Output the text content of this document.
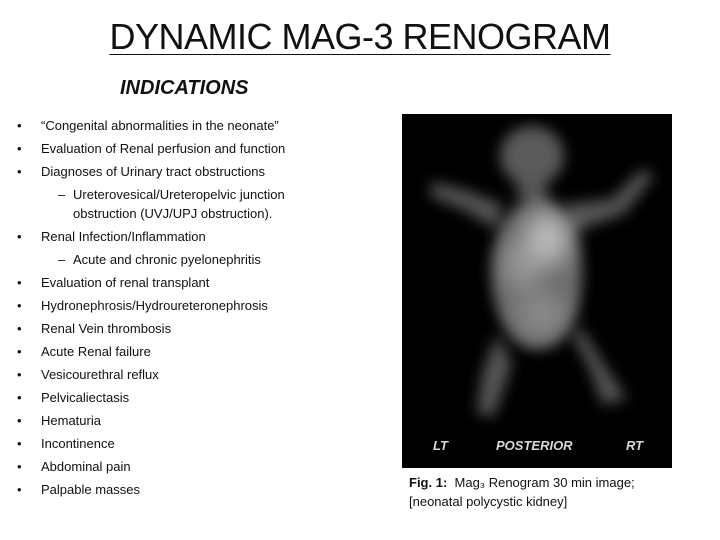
DYNAMIC MAG-3 RENOGRAM
INDICATIONS
• “Congenital abnormalities in the neonate”
• Evaluation of Renal perfusion and function
• Diagnoses of Urinary tract obstructions
– Ureterovesical/Ureteropelvic junction obstruction (UVJ/UPJ obstruction).
• Renal Infection/Inflammation
– Acute and chronic pyelonephritis
• Evaluation of renal transplant
• Hydronephrosis/Hydroureteronephrosis
• Renal Vein thrombosis
• Acute Renal failure
• Vesicourethral reflux
• Pelvicaliectasis
• Hematuria
• Incontinence
• Abdominal pain
• Palpable masses
LT	POSTERIOR	RT
Fig. 1: Mag₃ Renogram 30 min image;
[neonatal polycystic kidney]
